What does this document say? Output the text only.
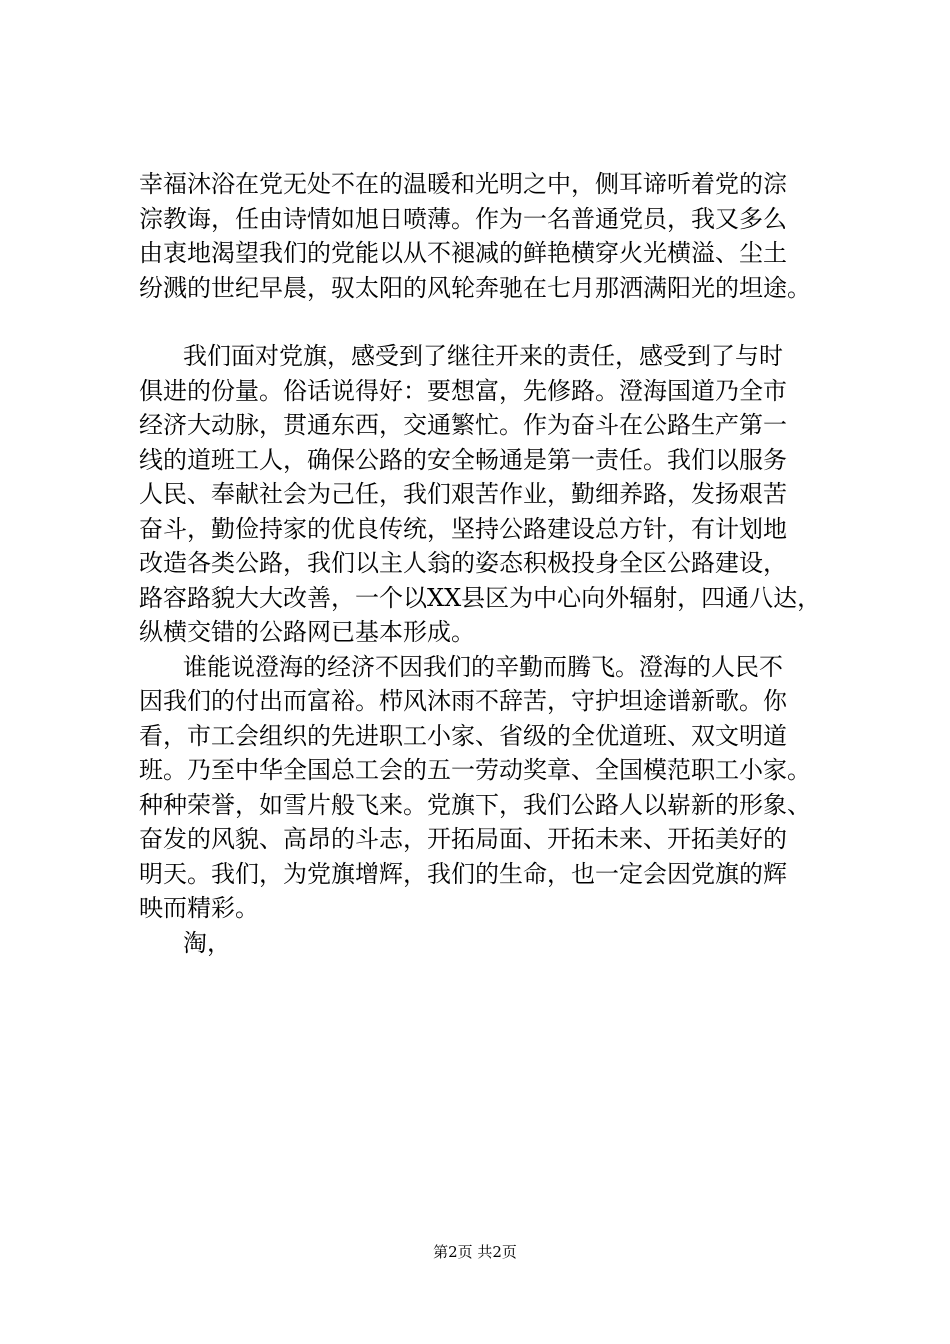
幸福沐浴在党无处不在的温暖和光明之中，侧耳谛听着党的淙
淙教诲，任由诗情如旭日喷薄。作为一名普通党员，我又多么
由衷地渴望我们的党能以从不褪减的鲜艳横穿火光横溢、尘土
纷溅的世纪早晨，驭太阳的风轮奔驰在七月那洒满阳光的坦途。
我们面对党旗，感受到了继往开来的责任，感受到了与时
俱进的份量。俗话说得好：要想富，先修路。澄海国道乃全市
经济大动脉，贯通东西，交通繁忙。作为奋斗在公路生产第一
线的道班工人，确保公路的安全畅通是第一责任。我们以服务
人民、奉献社会为己任，我们艰苦作业，勤细养路，发扬艰苦
奋斗，勤俭持家的优良传统，坚持公路建设总方针，有计划地
改造各类公路，我们以主人翁的姿态积极投身全区公路建设，
路容路貌大大改善，一个以XX县区为中心向外辐射，四通八达，
纵横交错的公路网已基本形成。
谁能说澄海的经济不因我们的辛勤而腾飞。澄海的人民不
因我们的付出而富裕。栉风沐雨不辞苦，守护坦途谱新歌。你
看，市工会组织的先进职工小家、省级的全优道班、双文明道
班。乃至中华全国总工会的五一劳动奖章、全国模范职工小家。
种种荣誉，如雪片般飞来。党旗下，我们公路人以崭新的形象、
奋发的风貌、高昂的斗志，开拓局面、开拓未来、开拓美好的
明天。我们，为党旗增辉，我们的生命，也一定会因党旗的辉
映而精彩。
淘，
第2页 共2页
